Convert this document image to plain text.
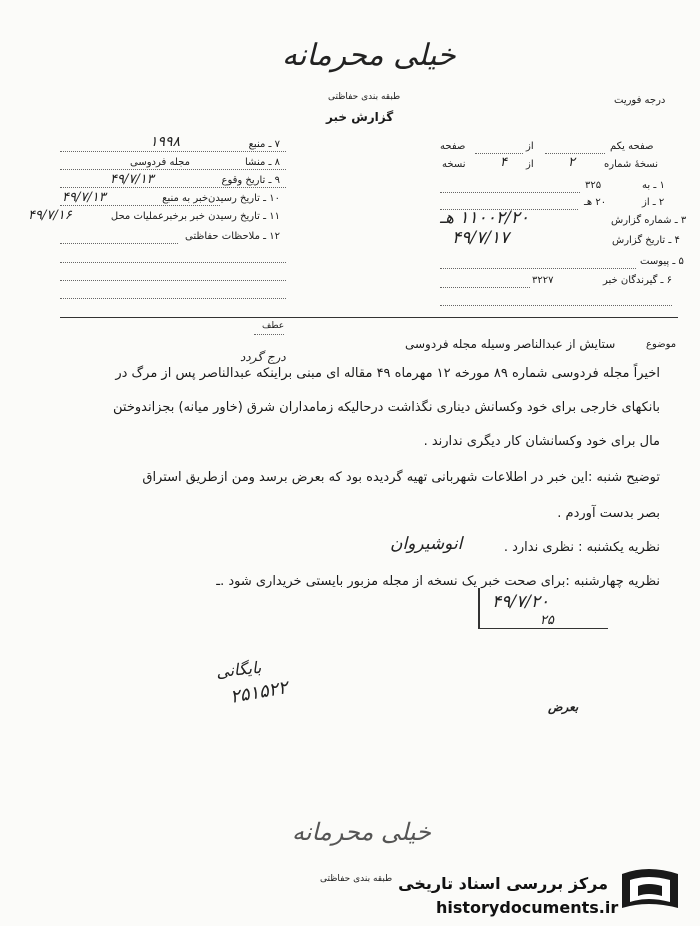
خیلی محرمانه
طبقه بندی حفاظتی	درجه فوریت
گزارش خبر
۷ ـ منبع
۱۹۹۸
۸ ـ منشا
مجله فردوسی
۹ ـ تاریخ وقوع
۴۹/۷/۱۳
۱۰ ـ تاریخ رسیدن‌خبر به منبع
۴۹/۷/۱۳
۱۱ ـ تاریخ رسیدن خبر برخبرعملیات محل
۴۹/۷/۱۶
۱۲ ـ ملاحظات حفاظتی
صفحه یکم
از
صفحه
نسخهٔ شماره
۲
از
۴
نسخه
۱ ـ به
۳۲۵
۲ ـ از
۲۰ هـ
۳ ـ شماره گزارش
۱۱۰۰۲/۲۰ هـ
۴ ـ تاریخ گزارش
۴۹/۷/۱۷
۵ ـ پیوست
۶ ـ گیرندگان خبر
۳۲۲۷
عطف
موضوع
ستایش از عبدالناصر وسیله مجله فردوسی
درج گردد
اخیراً مجله فردوسی شماره ۸۹ مورخه ۱۲ مهرماه ۴۹ مقاله ای مبنی براینکه عبدالناصر پس از مرگ در
بانکهای خارجی برای خود وکسانش دیناری نگذاشت درحالیکه زمامداران شرق (خاور میانه) بجزاندوختن
مال برای خود وکسانشان کار دیگری ندارند .
توضیح شنبه :این خبر در اطلاعات شهربانی تهیه گردیده بود که بعرض برسد ومن ازطریق استراق
بصر بدست آوردم .
نظریه یکشنبه : نظری ندارد .
انوشیروان
نظریه چهارشنبه :برای صحت خبر یک نسخه از مجله مزبور بایستی خریداری شود .ـ
۴۹/۷/۲۰
۲۵
بایگانی
۲۵۱۵۲۲	بعرض
خیلی محرمانه
طبقه بندی حفاظتی مرکز بررسی اسناد تاریخی
historydocuments.ir
